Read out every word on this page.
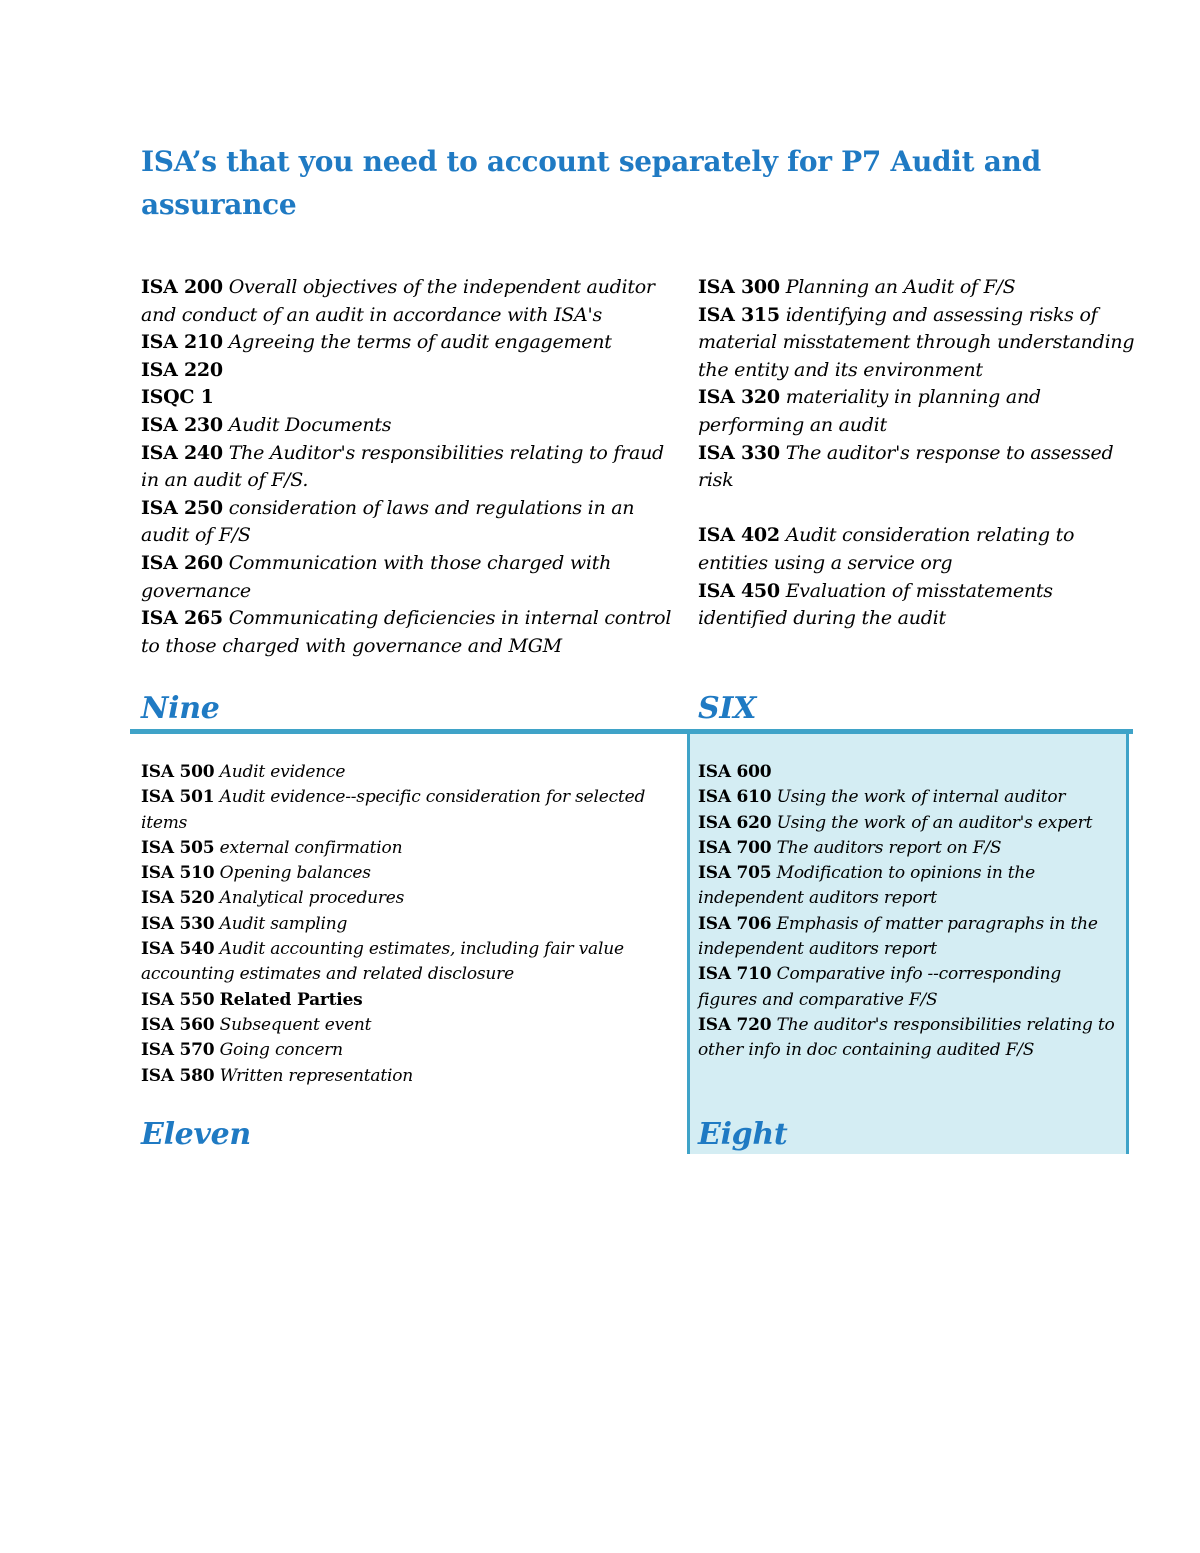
ISA’s that you need to account separately for P7 Audit and assurance

ISA 200 Overall objectives of the independent auditor and conduct of an audit in accordance with ISA's

ISA 210 Agreeing the terms of audit engagement

ISA 220

ISQC 1

ISA 230 Audit Documents

ISA 240 The Auditor's responsibilities relating to fraud in an audit of F/S.

ISA 250 consideration of laws and regulations in an audit of F/S

ISA 260 Communication with those charged with governance

ISA 265 Communicating deficiencies in internal control to those charged with governance and MGM

Nine

ISA 300 Planning an Audit of F/S

ISA 315 identifying and assessing risks of material misstatement through understanding the entity and its environment

ISA 320 materiality in planning and performing an audit

ISA 330 The auditor's response to assessed risk

ISA 402 Audit consideration relating to entities using a service org

ISA 450 Evaluation of misstatements identified during the audit

SIX

ISA 500 Audit evidence

ISA 501 Audit evidence--specific consideration for selected items

ISA 505 external confirmation

ISA 510 Opening balances

ISA 520 Analytical procedures

ISA 530 Audit sampling

ISA 540 Audit accounting estimates, including fair value accounting estimates and related disclosure

ISA 550 Related Parties

ISA 560 Subsequent event

ISA 570 Going concern

ISA 580 Written representation

Eleven

ISA 600

ISA 610 Using the work of internal auditor

ISA 620 Using the work of an auditor's expert

ISA 700 The auditors report on F/S

ISA 705 Modification to opinions in the independent auditors report

ISA 706 Emphasis of matter paragraphs in the independent auditors report

ISA 710 Comparative info --corresponding figures and comparative F/S

ISA 720 The auditor's responsibilities relating to other info in doc containing audited F/S

Eight
